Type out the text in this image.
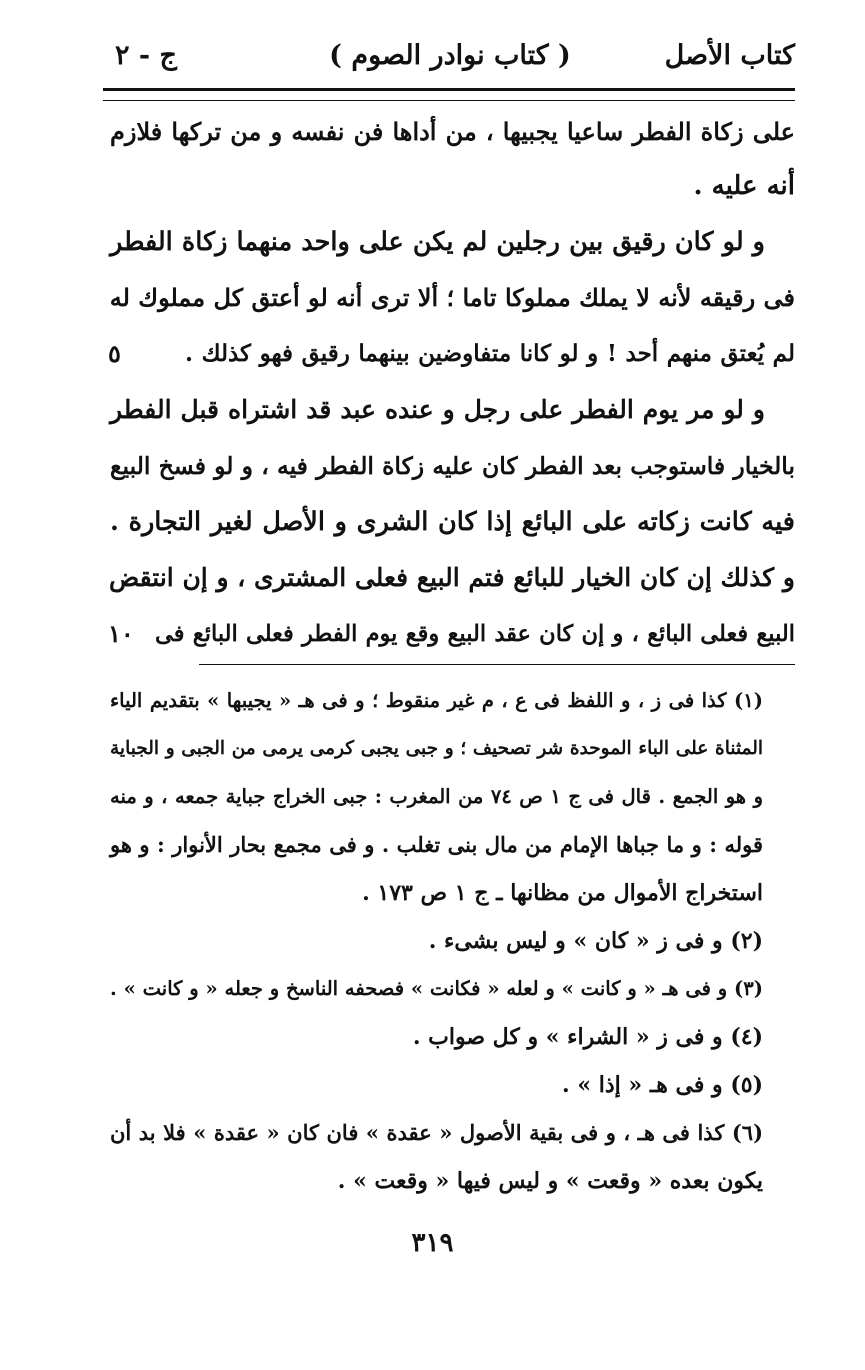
كتاب الأصل
( كتاب نوادر الصوم )
ج - ٢
على زكاة الفطر ساعيا يجبيها ، من أداها فن نفسه و من تركها فلازم
أنه عليه .
و لو كان رقيق بين رجلين لم يكن على واحد منهما زكاة الفطر
فى رقيقه لأنه لا يملك مملوكا تاما ؛ ألا ترى أنه لو أعتق كل مملوك له
لم يُعتق منهم أحد ! و لو كانا متفاوضين بينهما رقيق فهو كذلك .
٥
و لو مر يوم الفطر على رجل و عنده عبد قد اشتراه قبل الفطر
بالخيار فاستوجب بعد الفطر كان عليه زكاة الفطر فيه ، و لو فسخ البيع
فيه كانت زكاته على البائع إذا كان الشرى و الأصل لغير التجارة .
و كذلك إن كان الخيار للبائع فتم البيع فعلى المشترى ، و إن انتقض
البيع فعلى البائع ، و إن كان عقد البيع وقع يوم الفطر فعلى البائع فى
١٠
(١) كذا فى ز ، و اللفظ فى ع ، م غير منقوط ؛ و فى هـ « يجيبها » بتقديم الياء
المثناة على الباء الموحدة شر تصحيف ؛ و جبى يجبى كرمى يرمى من الجبى و الجباية
و هو الجمع . قال فى ج ١ ص ٧٤ من المغرب : جبى الخراج جباية جمعه ، و منه
قوله : و ما جباها الإمام من مال بنى تغلب . و فى مجمع بحار الأنوار : و هو
استخراج الأموال من مظانها ـ ج ١ ص ١٧٣ .
(٢) و فى ز « كان » و ليس بشىء .
(٣) و فى هـ « و كانت » و لعله « فكانت » فصحفه الناسخ و جعله « و كانت » .
(٤) و فى ز « الشراء » و كل صواب .
(٥) و فى هـ « إذا » .
(٦) كذا فى هـ ، و فى بقية الأصول « عقدة » فان كان « عقدة » فلا بد أن
يكون بعده « وقعت » و ليس فيها « وقعت » .
٣١٩
